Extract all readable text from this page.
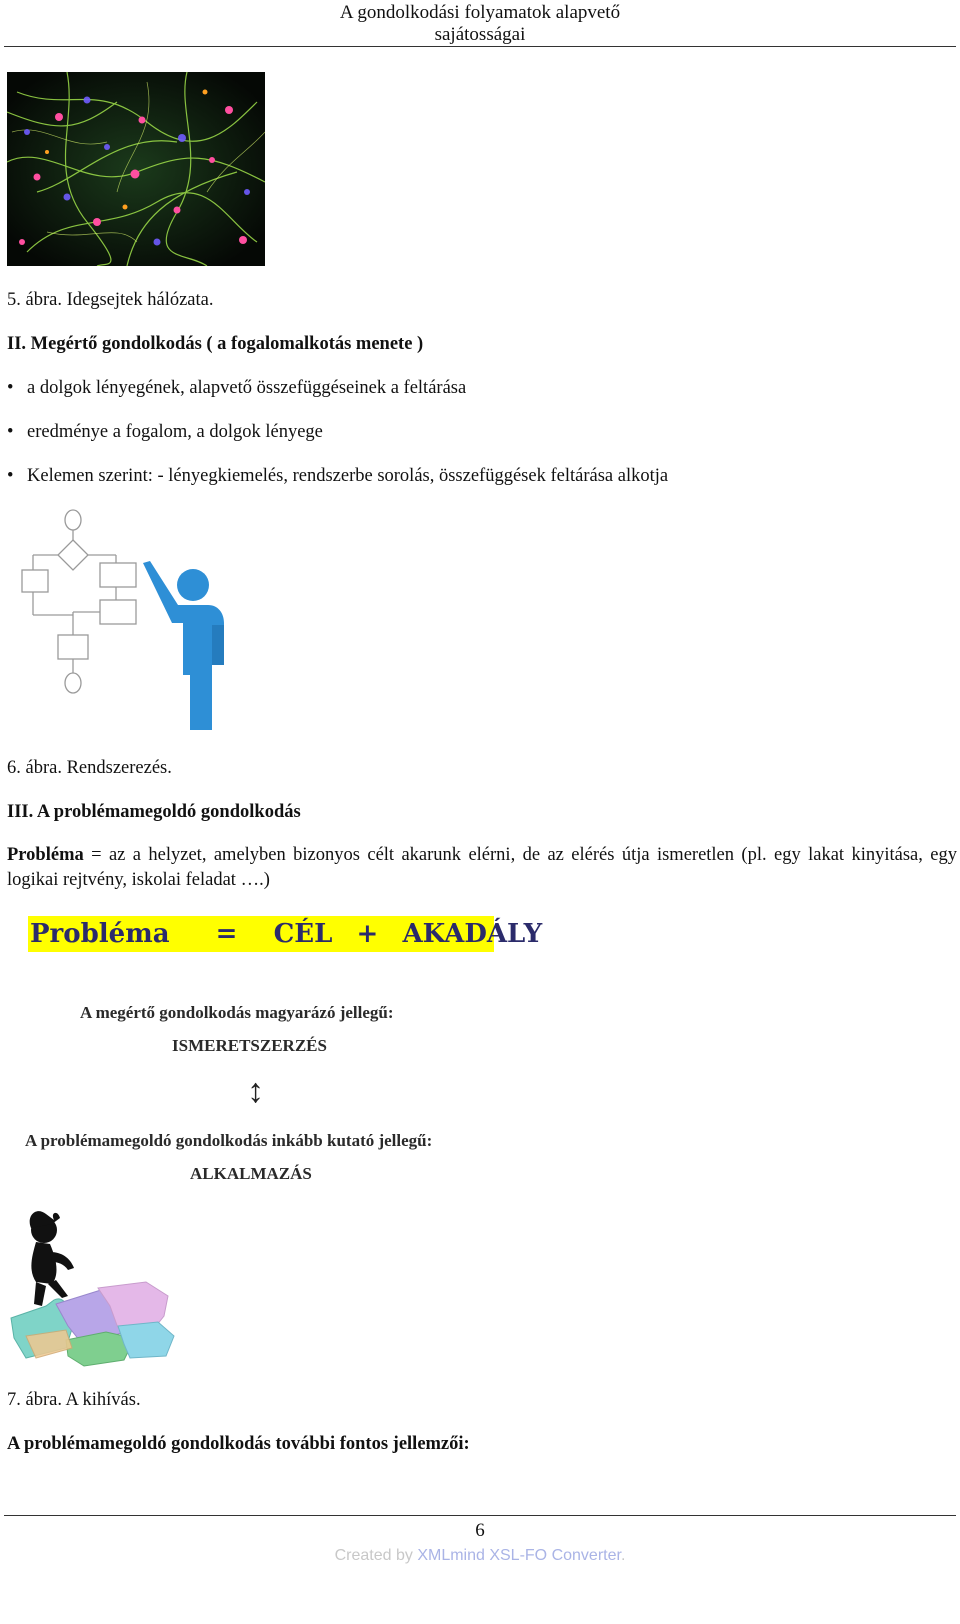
A gondolkodási folyamatok alapvető
sajátosságai
5. ábra. Idegsejtek hálózata.
II. Megértő gondolkodás ( a fogalomalkotás menete )
• a dolgok lényegének, alapvető összefüggéseinek a feltárása
• eredménye a fogalom, a dolgok lényege
• Kelemen szerint: - lényegkiemelés, rendszerbe sorolás, összefüggések feltárása alkotja
6. ábra. Rendszerezés.
III. A problémamegoldó gondolkodás
Probléma = az a helyzet, amelyben bizonyos célt akarunk elérni, de az elérés útja ismeretlen (pl. egy lakat kinyitása, egy logikai rejtvény, iskolai feladat ….)
Probléma = CÉL + AKADÁLY
A megértő gondolkodás magyarázó jellegű:
ISMERETSZERZÉS
↕
A problémamegoldó gondolkodás inkább kutató jellegű:
ALKALMAZÁS
7. ábra. A kihívás.
A problémamegoldó gondolkodás további fontos jellemzői:
6
Created by XMLmind XSL-FO Converter.
